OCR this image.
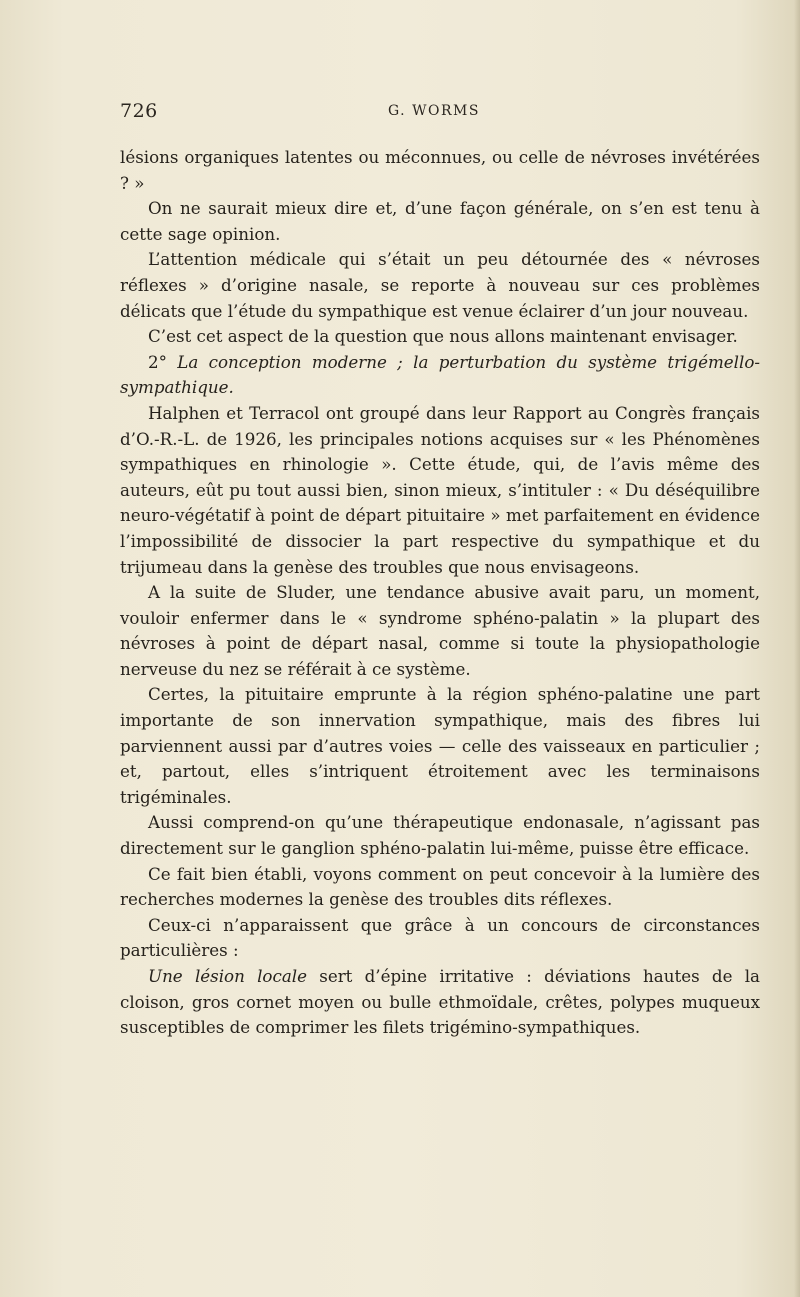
726	G. WORMS

lésions organiques latentes ou méconnues, ou celle de névroses invétérées ? »

On ne saurait mieux dire et, d’une façon générale, on s’en est tenu à cette sage opinion.

L’attention médicale qui s’était un peu détournée des « névroses réflexes » d’origine nasale, se reporte à nouveau sur ces problèmes délicats que l’étude du sympathique est venue éclairer d’un jour nouveau.

C’est cet aspect de la question que nous allons maintenant envisager.

2° La conception moderne ; la perturbation du système trigémello-sympathique.

Halphen et Terracol ont groupé dans leur Rapport au Congrès français d’O.-R.-L. de 1926, les principales notions acquises sur « les Phénomènes sympathiques en rhinologie ». Cette étude, qui, de l’avis même des auteurs, eût pu tout aussi bien, sinon mieux, s’intituler : « Du déséquilibre neuro-végétatif à point de départ pituitaire » met parfaitement en évidence l’impossibilité de dissocier la part respective du sympathique et du trijumeau dans la genèse des troubles que nous envisageons.

A la suite de Sluder, une tendance abusive avait paru, un moment, vouloir enfermer dans le « syndrome sphéno-palatin » la plupart des névroses à point de départ nasal, comme si toute la physiopathologie nerveuse du nez se référait à ce système.

Certes, la pituitaire emprunte à la région sphéno-palatine une part importante de son innervation sympathique, mais des fibres lui parviennent aussi par d’autres voies — celle des vaisseaux en particulier ; et, partout, elles s’intriquent étroitement avec les terminaisons trigéminales.

Aussi comprend-on qu’une thérapeutique endonasale, n’agissant pas directement sur le ganglion sphéno-palatin lui-même, puisse être efficace.

Ce fait bien établi, voyons comment on peut concevoir à la lumière des recherches modernes la genèse des troubles dits réflexes.

Ceux-ci n’apparaissent que grâce à un concours de circonstances particulières :

Une lésion locale sert d’épine irritative : déviations hautes de la cloison, gros cornet moyen ou bulle ethmoïdale, crêtes, polypes muqueux susceptibles de comprimer les filets trigémino-sympathiques.
